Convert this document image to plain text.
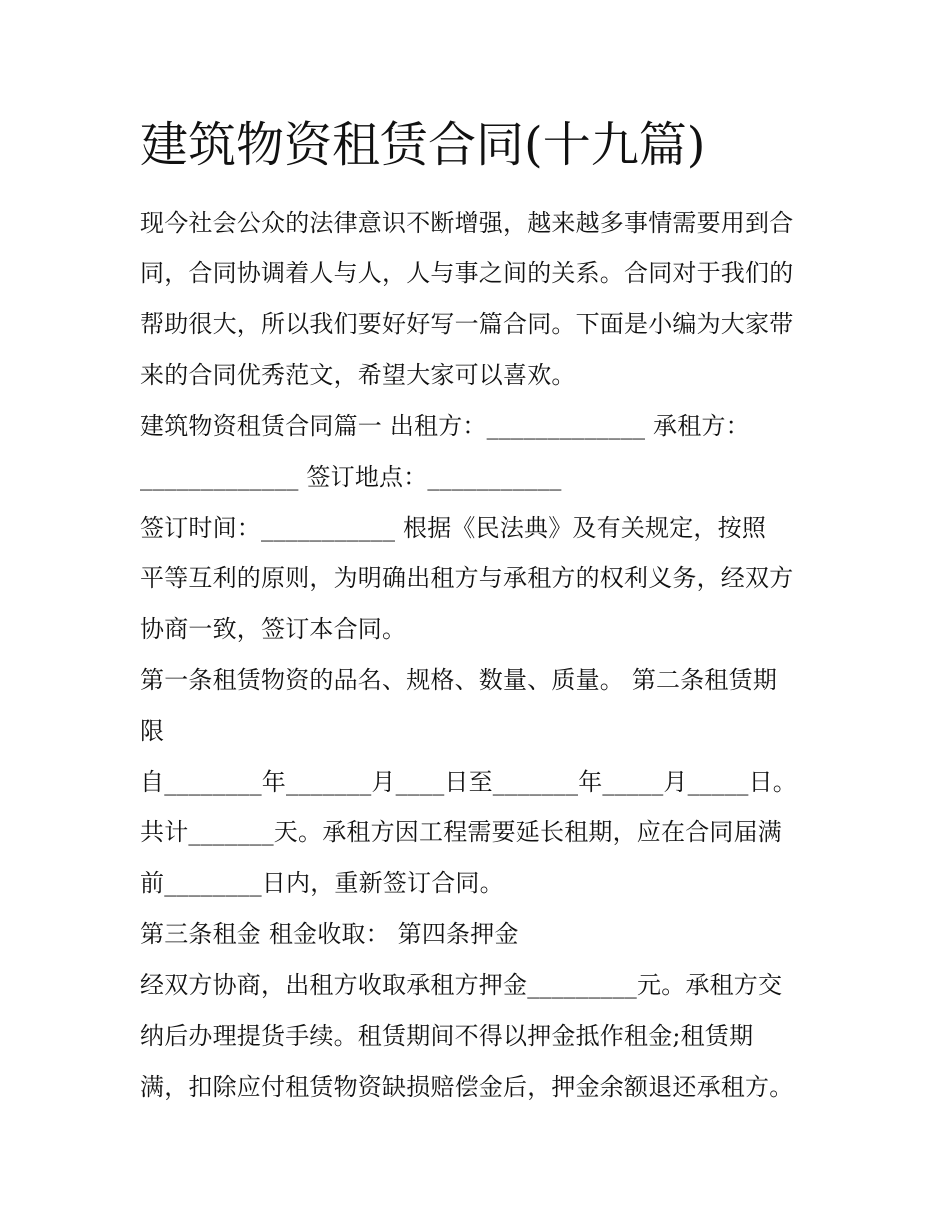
建筑物资租赁合同(十九篇)
现今社会公众的法律意识不断增强，越来越多事情需要用到合
同，合同协调着人与人，人与事之间的关系。合同对于我们的
帮助很大，所以我们要好好写一篇合同。下面是小编为大家带
来的合同优秀范文，希望大家可以喜欢。
建筑物资租赁合同篇一 出租方：_____________ 承租方：
_____________ 签订地点：___________
签订时间：___________ 根据《民法典》及有关规定，按照
平等互利的原则，为明确出租方与承租方的权利义务，经双方
协商一致，签订本合同。
第一条租赁物资的品名、规格、数量、质量。 第二条租赁期
限
自________年_______月____日至_______年_____月_____日。
共计_______天。承租方因工程需要延长租期，应在合同届满
前________日内，重新签订合同。
第三条租金 租金收取： 第四条押金
经双方协商，出租方收取承租方押金_________元。承租方交
纳后办理提货手续。租赁期间不得以押金抵作租金;租赁期
满，扣除应付租赁物资缺损赔偿金后，押金余额退还承租方。
